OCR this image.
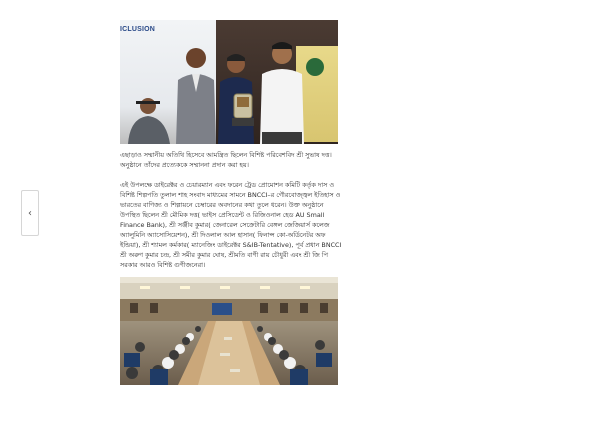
‹
ICLUSION

এছাড়াও সম্মানীয় অতিথি হিসেবে আমন্ত্রিত ছিলেন বিশিষ্ট পরিবেশবিদ শ্রী সুভাষ দত্ত। অনুষ্ঠানে তাঁদের প্রত্যেককে সম্মাননা প্রদান করা হয়।

এই উপলক্ষে ডাইরেক্টর ও চেয়ারম্যান এবং ফরেন ট্রেড প্রোমোশন কমিটি কর্তৃক দাস ও বিশিষ্ট শিল্পপতি তুলাল শাহ সংবাদ মাধ্যমের সামনে BNCCI–র গৌরবোজ্জ্বল ইতিহাস ও ভারতের বাণিজ্য ও শিল্পায়নে চেম্বারের অবদানের কথা তুলে ধরেন। উক্ত অনুষ্ঠানে উপস্থিত ছিলেন শ্রী মৌমিক দত্ত( ভাইস প্রেসিডেন্ট ও রিজিওনাল হেড AU Small Finance Bank), শ্রী সঞ্জীব কুমার( জেনারেল সেক্রেটারি বেঙ্গল জেজিয়ার্স কলেজ অ্যালুমিনি অ্যাসোসিয়েশন), শ্রী দিওলাল আল হাসান( ফিনান্স কো-অর্ডিনেটর অফ ইন্ডিয়া), শ্রী শ্যামল কর্মকার( ম্যানেজিং ডাইরেক্টর S&IB-Tentative), পূর্ব প্রধান BNCCI শ্রী অরুণ কুমার চন্দ্র, শ্রী সমীর কুমার ঘোষ, শ্রীমতি বাণী রায় চৌধুরী এবং শ্রী জি পি সরকার আরও বিশিষ্ট গুণীজনেরা।
